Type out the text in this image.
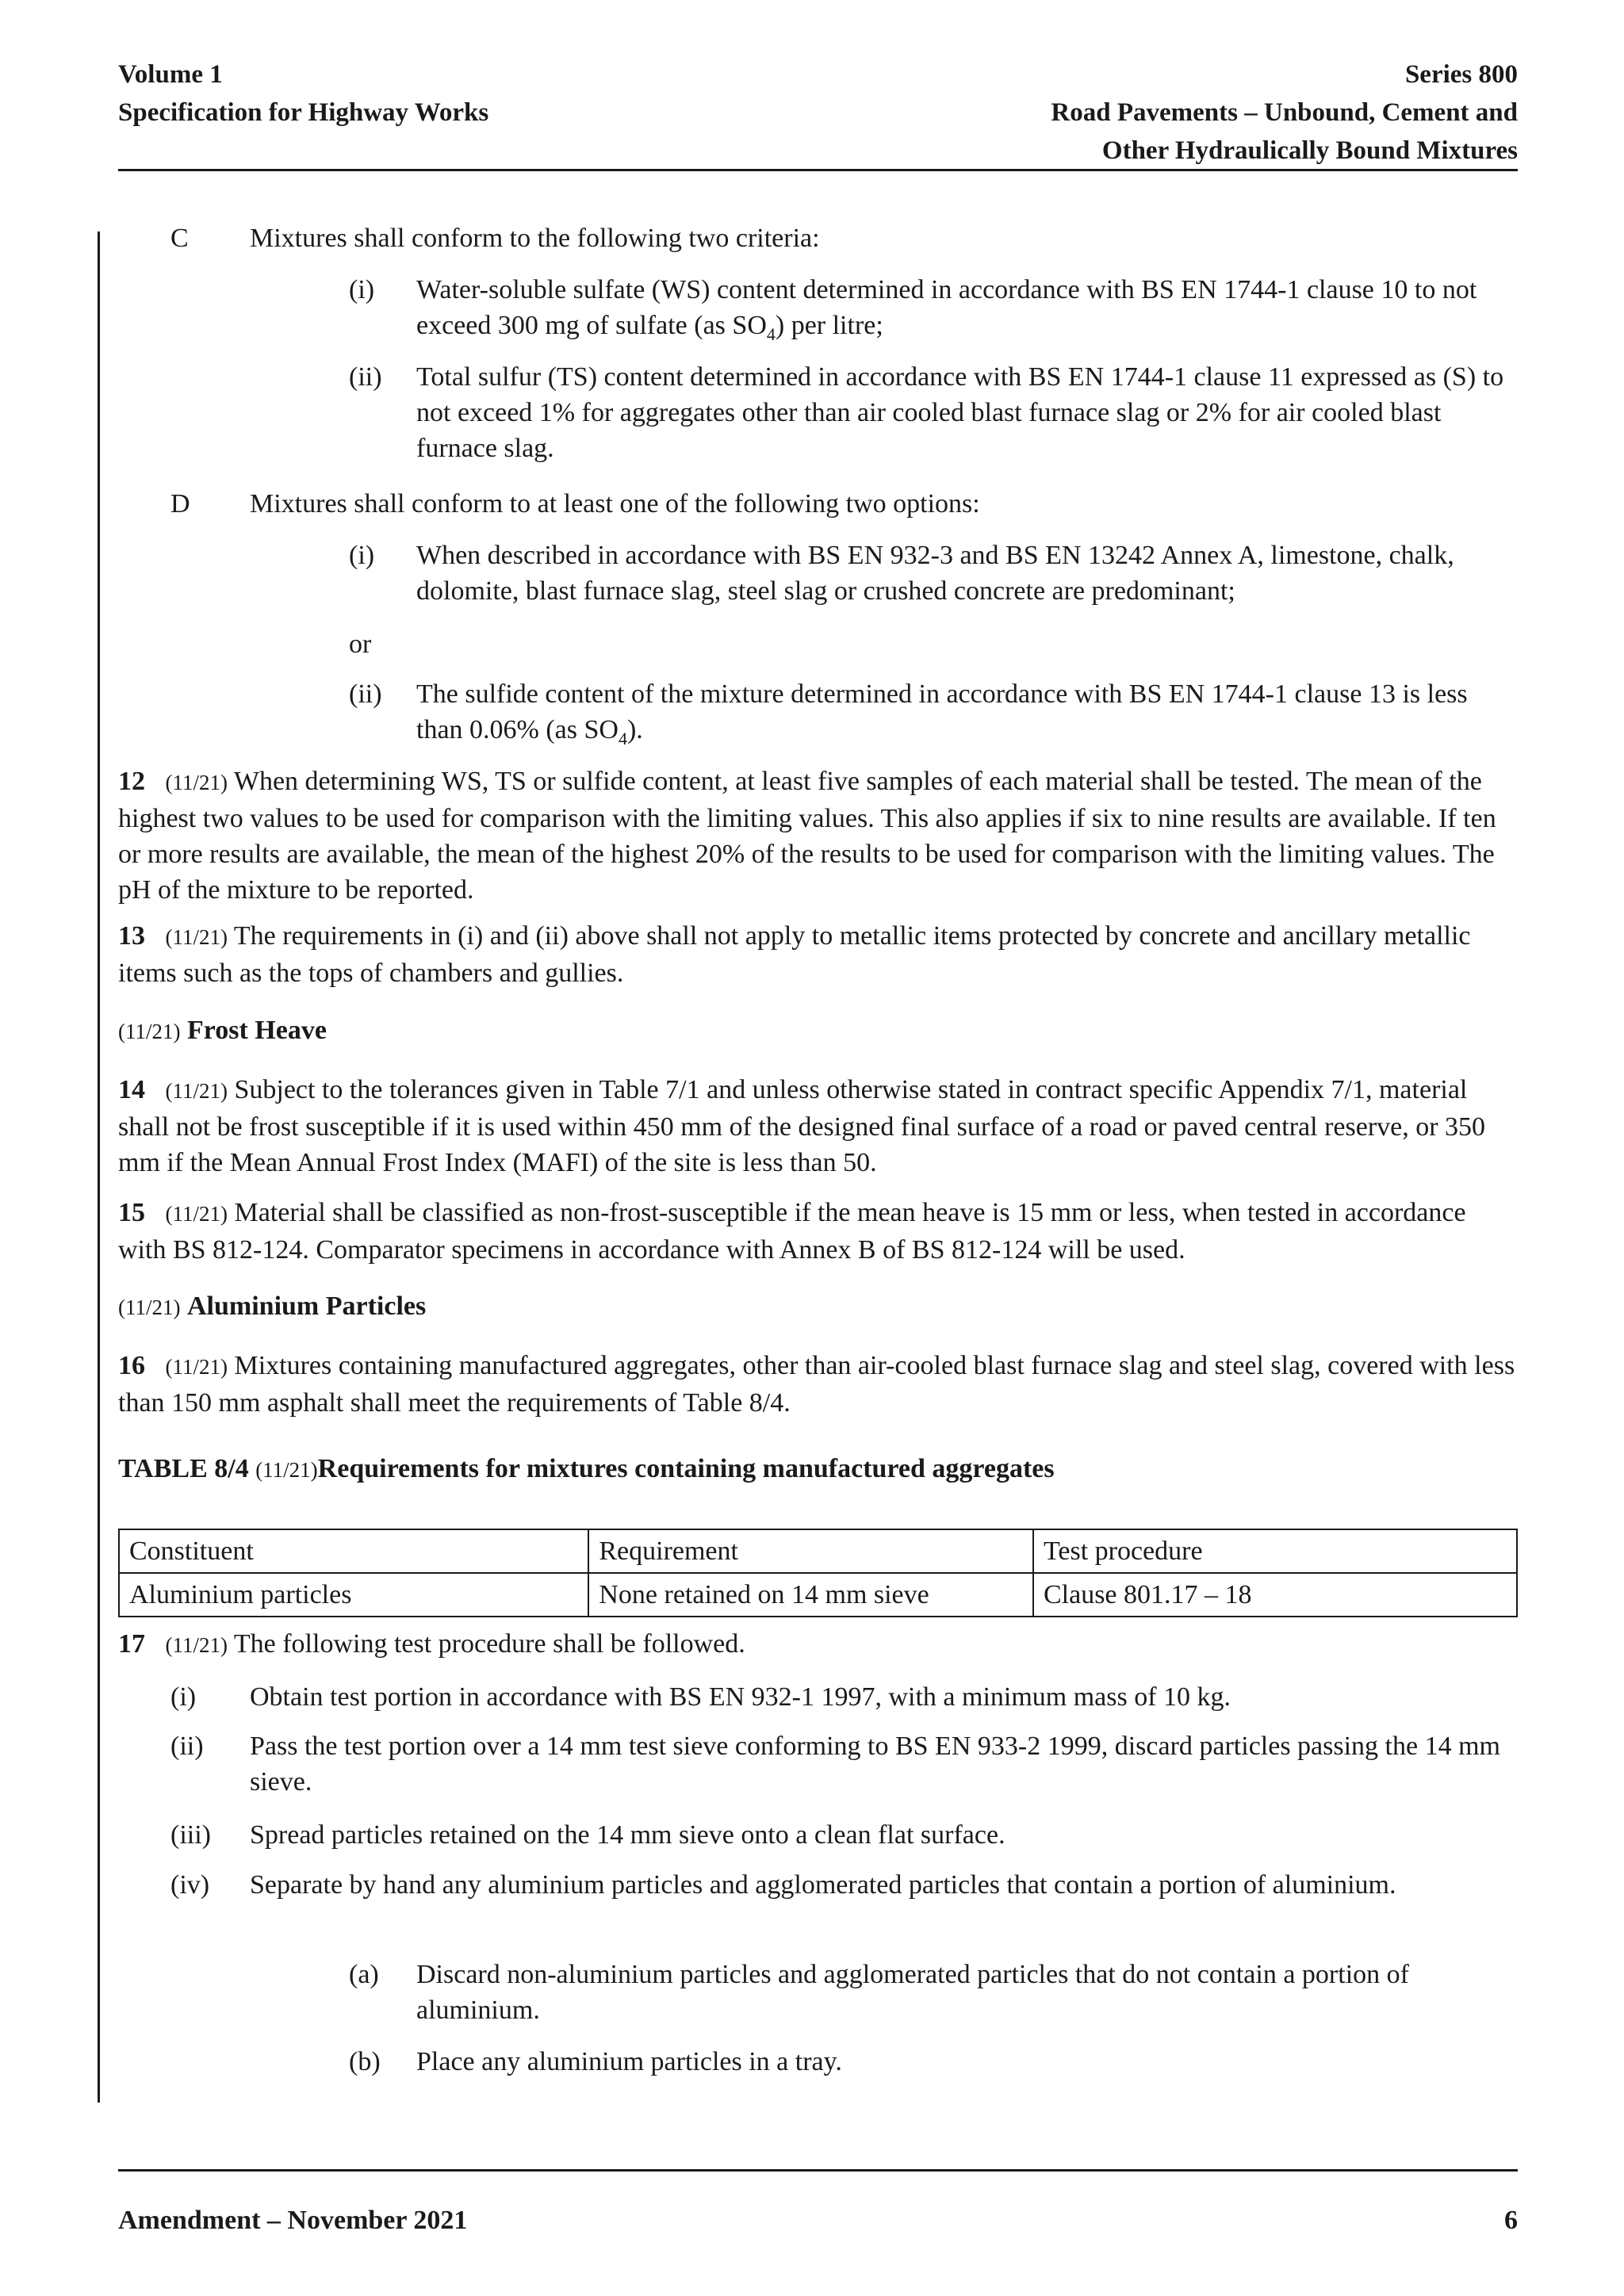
Volume 1
Specification for Highway Works
Series 800
Road Pavements – Unbound, Cement and
Other Hydraulically Bound Mixtures
C Mixtures shall conform to the following two criteria:
(i) Water-soluble sulfate (WS) content determined in accordance with BS EN 1744-1 clause 10 to not exceed 300 mg of sulfate (as $SO_4$) per litre;
(ii) Total sulfur (TS) content determined in accordance with BS EN 1744-1 clause 11 expressed as (S) to not exceed 1% for aggregates other than air cooled blast furnace slag or 2% for air cooled blast furnace slag.
D Mixtures shall conform to at least one of the following two options:
(i) When described in accordance with BS EN 932-3 and BS EN 13242 Annex A, limestone, chalk, dolomite, blast furnace slag, steel slag or crushed concrete are predominant;
or
(ii) The sulfide content of the mixture determined in accordance with BS EN 1744-1 clause 13 is less than 0.06% (as $SO_4$).
12 (11/21) When determining WS, TS or sulfide content, at least five samples of each material shall be tested. The mean of the highest two values to be used for comparison with the limiting values. This also applies if six to nine results are available. If ten or more results are available, the mean of the highest 20% of the results to be used for comparison with the limiting values. The pH of the mixture to be reported.
13 (11/21) The requirements in (i) and (ii) above shall not apply to metallic items protected by concrete and ancillary metallic items such as the tops of chambers and gullies.
(11/21) Frost Heave
14 (11/21) Subject to the tolerances given in Table 7/1 and unless otherwise stated in contract specific Appendix 7/1, material shall not be frost susceptible if it is used within 450 mm of the designed final surface of a road or paved central reserve, or 350 mm if the Mean Annual Frost Index (MAFI) of the site is less than 50.
15 (11/21) Material shall be classified as non-frost-susceptible if the mean heave is 15 mm or less, when tested in accordance with BS 812-124. Comparator specimens in accordance with Annex B of BS 812-124 will be used.
(11/21) Aluminium Particles
16 (11/21) Mixtures containing manufactured aggregates, other than air-cooled blast furnace slag and steel slag, covered with less than 150 mm asphalt shall meet the requirements of Table 8/4.
TABLE 8/4 (11/21)Requirements for mixtures containing manufactured aggregates
Constituent	Requirement	Test procedure
Aluminium particles	None retained on 14 mm sieve	Clause 801.17 – 18
17 (11/21) The following test procedure shall be followed.
(i) Obtain test portion in accordance with BS EN 932-1 1997, with a minimum mass of 10 kg.
(ii) Pass the test portion over a 14 mm test sieve conforming to BS EN 933-2 1999, discard particles passing the 14 mm sieve.
(iii) Spread particles retained on the 14 mm sieve onto a clean flat surface.
(iv) Separate by hand any aluminium particles and agglomerated particles that contain a portion of aluminium.
(a) Discard non-aluminium particles and agglomerated particles that do not contain a portion of aluminium.
(b) Place any aluminium particles in a tray.
Amendment – November 2021	6
